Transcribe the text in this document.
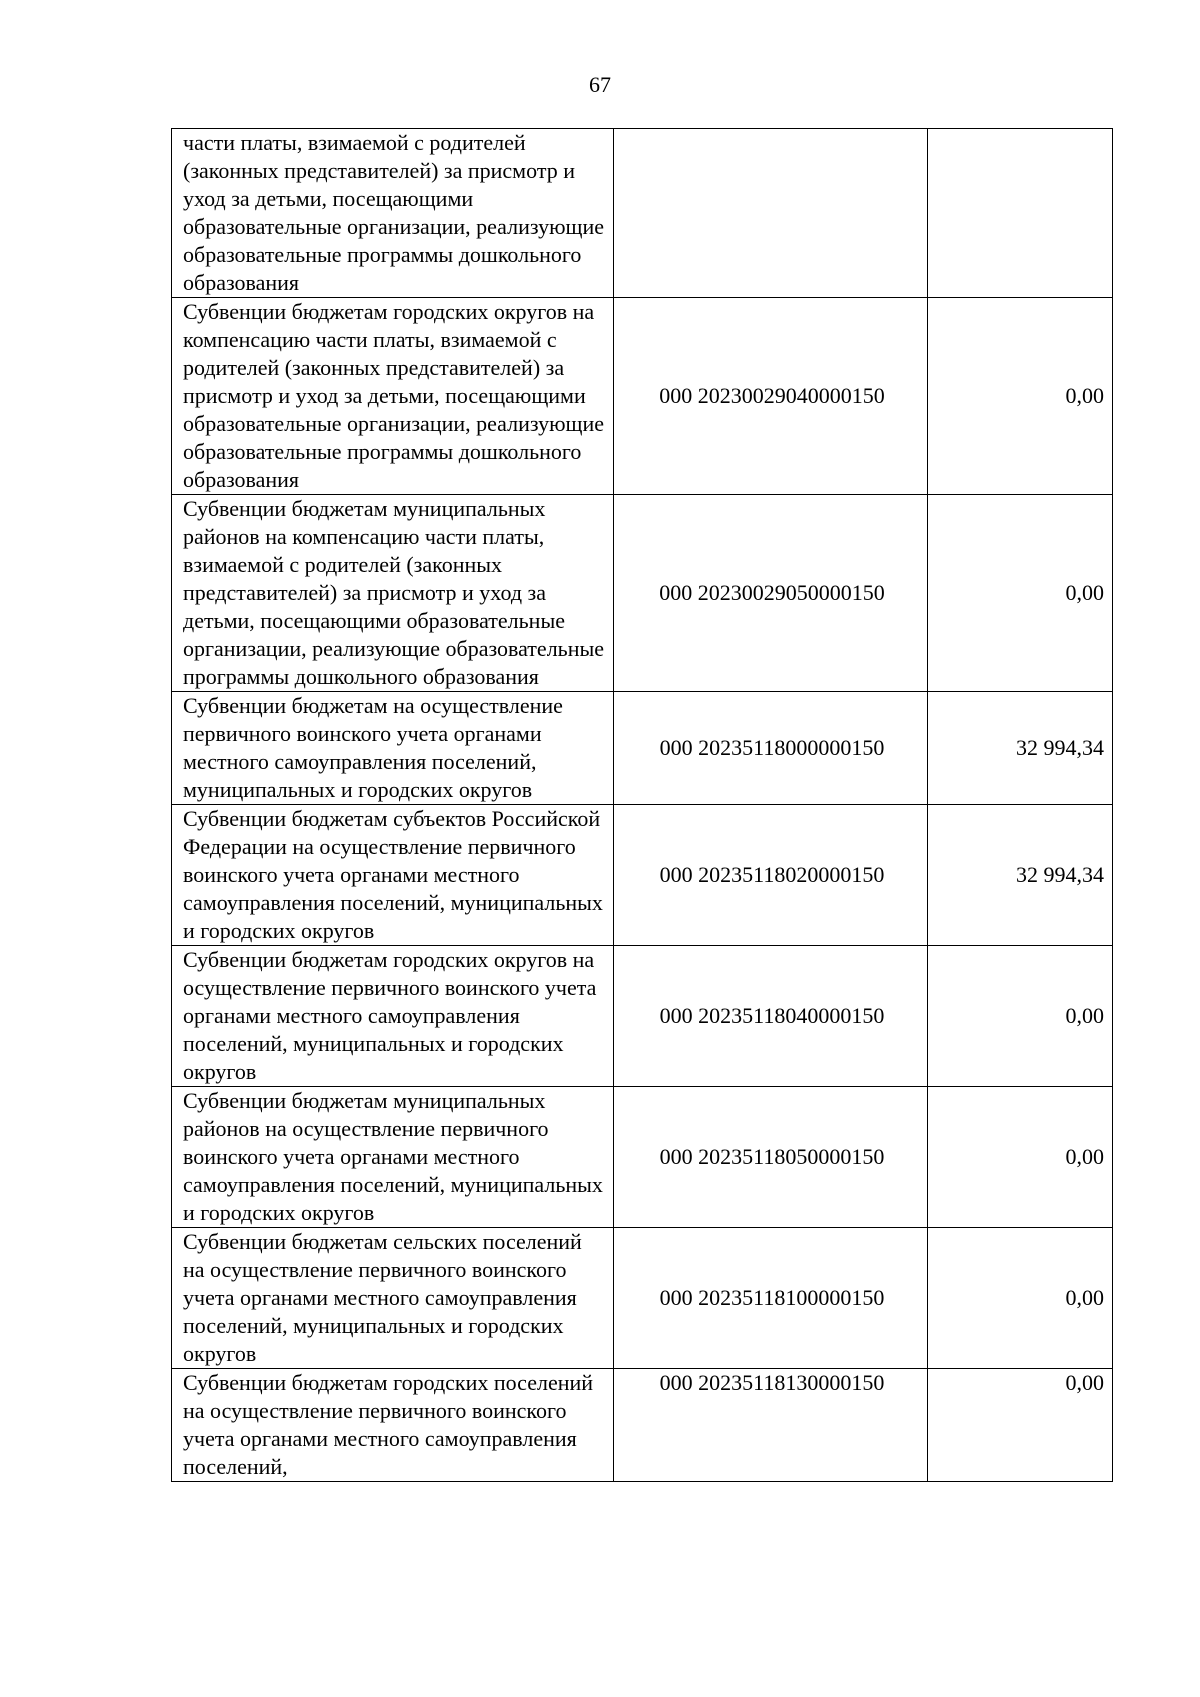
67
части платы, взимаемой с родителей (законных представителей) за присмотр и уход за детьми, посещающими образовательные организации, реализующие образовательные программы дошкольного образования		
Субвенции бюджетам городских округов на компенсацию части платы, взимаемой с родителей (законных представителей) за присмотр и уход за детьми, посещающими образовательные организации, реализующие образовательные программы дошкольного образования	000 20230029040000150	0,00
Субвенции бюджетам муниципальных районов на компенсацию части платы, взимаемой с родителей (законных представителей) за присмотр и уход за детьми, посещающими образовательные организации, реализующие образовательные программы дошкольного образования	000 20230029050000150	0,00
Субвенции бюджетам на осуществление первичного воинского учета органами местного самоуправления поселений, муниципальных и городских округов	000 20235118000000150	32 994,34
Субвенции бюджетам субъектов Российской Федерации на осуществление первичного воинского учета органами местного самоуправления поселений, муниципальных и городских округов	000 20235118020000150	32 994,34
Субвенции бюджетам городских округов на осуществление первичного воинского учета органами местного самоуправления поселений, муниципальных и городских округов	000 20235118040000150	0,00
Субвенции бюджетам муниципальных районов на осуществление первичного воинского учета органами местного самоуправления поселений, муниципальных и городских округов	000 20235118050000150	0,00
Субвенции бюджетам сельских поселений на осуществление первичного воинского учета органами местного самоуправления поселений, муниципальных и городских округов	000 20235118100000150	0,00
Субвенции бюджетам городских поселений на осуществление первичного воинского учета органами местного самоуправления поселений,	000 20235118130000150	0,00
